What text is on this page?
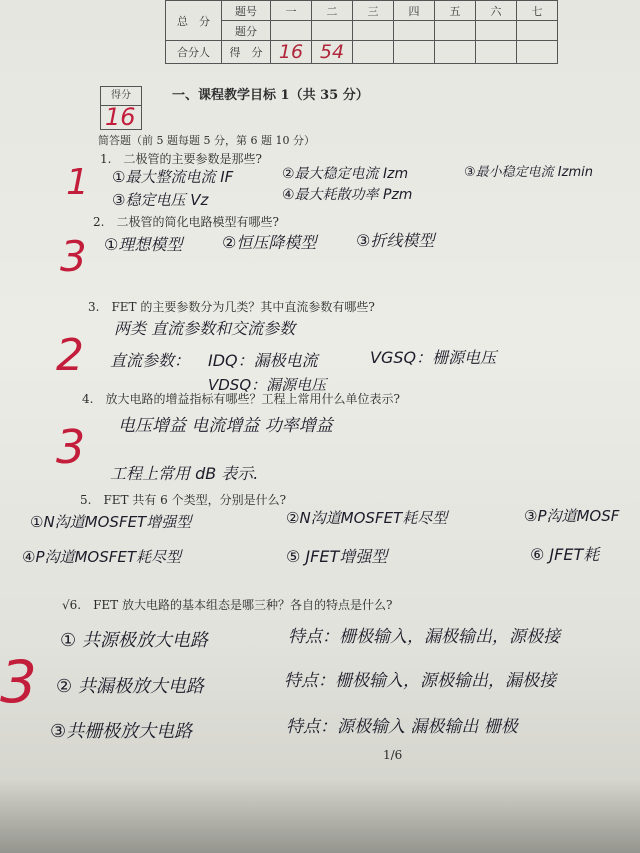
总　分	题号	一	二	三	四	五	六	七
	题分							
合分人	得　分	16	54					
得分
16
一、课程教学目标 1（共 35 分）
简答题（前 5 题每题 5 分，第 6 题 10 分）
1.　二极管的主要参数是那些?
1 ①最大整流电流 IF	②最大稳定电流 Izm	③最小稳定电流 Izmin
③稳定电压 Vz	④最大耗散功率 Pzm
2.　二极管的简化电路模型有哪些?
3 ①理想模型 ②恒压降模型 ③折线模型
3.　FET 的主要参数分为几类？其中直流参数有哪些?
两类 直流参数和交流参数
2 直流参数： IDQ：漏极电流	VGSQ：栅源电压
VDSQ：漏源电压
4.　放大电路的增益指标有哪些？工程上常用什么单位表示?
电压增益 电流增益 功率增益
3 工程上常用 dB 表示.
5.　FET 共有 6 个类型，分别是什么?
①N沟道MOSFET增强型	②N沟道MOSFET耗尽型	③P沟道MOSF
④P沟道MOSFET耗尽型	⑤ JFET增强型	⑥ JFET耗
√6.　FET 放大电路的基本组态是哪三种？各自的特点是什么?
① 共源极放大电路	特点：栅极输入，漏极输出，源极接
3 ② 共漏极放大电路	特点：栅极输入，源极输出，漏极接
③共栅极放大电路	特点：源极输入 漏极输出 栅极
1/6
